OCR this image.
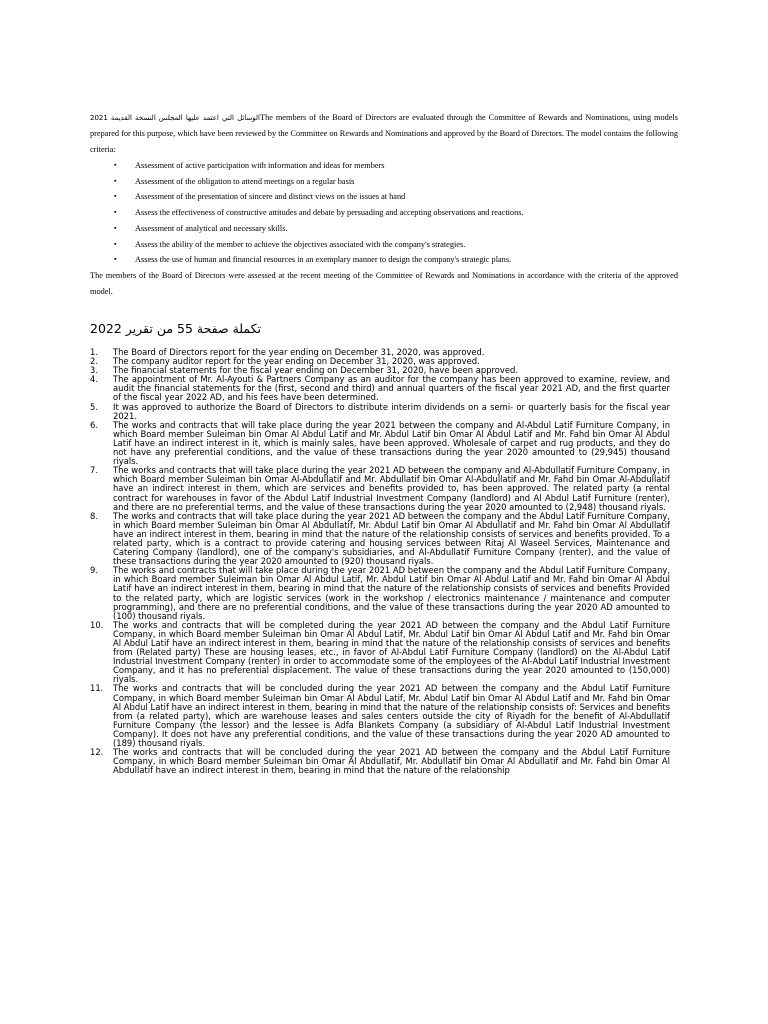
2021 الوسائل التي اعتمد عليها المجلس النسخة القديمةThe members of the Board of Directors are evaluated through the Committee of Rewards and Nominations, using models prepared for this purpose, which have been reviewed by the Committee on Rewards and Nominations and approved by the Board of Directors. The model contains the following criteria:

▪ Assessment of active participation with information and ideas for members
▪ Assessment of the obligation to attend meetings on a regular basis
▪ Assessment of the presentation of sincere and distinct views on the issues at hand
▪ Assess the effectiveness of constructive attitudes and debate by persuading and accepting observations and reactions.
▪ Assessment of analytical and necessary skills.
▪ Assess the ability of the member to achieve the objectives associated with the company's strategies.
▪ Assess the use of human and financial resources in an exemplary manner to design the company's strategic plans.

The members of the Board of Directors were assessed at the recent meeting of the Committee of Rewards and Nominations in accordance with the criteria of the approved model.

تكملة صفحة 55 من تقرير 2022
1. The Board of Directors report for the year ending on December 31, 2020, was approved.
2. The company auditor report for the year ending on December 31, 2020, was approved.
3. The financial statements for the fiscal year ending on December 31, 2020, have been approved.
4. The appointment of Mr. Al-Ayouti & Partners Company as an auditor for the company has been approved to examine, review, and audit the financial statements for the (first, second and third) and annual quarters of the fiscal year 2021 AD, and the first quarter of the fiscal year 2022 AD, and his fees have been determined.
5. It was approved to authorize the Board of Directors to distribute interim dividends on a semi- or quarterly basis for the fiscal year 2021.
6. The works and contracts that will take place during the year 2021 between the company and Al-Abdul Latif Furniture Company, in which Board member Suleiman bin Omar Al Abdul Latif and Mr. Abdul Latif bin Omar Al Abdul Latif and Mr. Fahd bin Omar Al Abdul Latif have an indirect interest in it, which is mainly sales, have been approved. Wholesale of carpet and rug products, and they do not have any preferential conditions, and the value of these transactions during the year 2020 amounted to (29,945) thousand riyals.
7. The works and contracts that will take place during the year 2021 AD between the company and Al-Abdullatif Furniture Company, in which Board member Suleiman bin Omar Al-Abdullatif and Mr. Abdullatif bin Omar Al-Abdullatif and Mr. Fahd bin Omar Al-Abdullatif have an indirect interest in them, which are services and benefits provided to, has been approved. The related party (a rental contract for warehouses in favor of the Abdul Latif Industrial Investment Company (landlord) and Al Abdul Latif Furniture (renter), and there are no preferential terms, and the value of these transactions during the year 2020 amounted to (2,948) thousand riyals.
8. The works and contracts that will take place during the year 2021 AD between the company and the Abdul Latif Furniture Company, in which Board member Suleiman bin Omar Al Abdullatif, Mr. Abdul Latif bin Omar Al Abdullatif and Mr. Fahd bin Omar Al Abdullatif have an indirect interest in them, bearing in mind that the nature of the relationship consists of services and benefits provided. To a related party, which is a contract to provide catering and housing services between Ritaj Al Waseel Services, Maintenance and Catering Company (landlord), one of the company's subsidiaries, and Al-Abdullatif Furniture Company (renter), and the value of these transactions during the year 2020 amounted to (920) thousand riyals.
9. The works and contracts that will take place during the year 2021 AD between the company and the Abdul Latif Furniture Company, in which Board member Suleiman bin Omar Al Abdul Latif, Mr. Abdul Latif bin Omar Al Abdul Latif and Mr. Fahd bin Omar Al Abdul Latif have an indirect interest in them, bearing in mind that the nature of the relationship consists of services and benefits Provided to the related party, which are logistic services (work in the workshop / electronics maintenance / maintenance and computer programming), and there are no preferential conditions, and the value of these transactions during the year 2020 AD amounted to (100) thousand riyals.
10. The works and contracts that will be completed during the year 2021 AD between the company and the Abdul Latif Furniture Company, in which Board member Suleiman bin Omar Al Abdul Latif, Mr. Abdul Latif bin Omar Al Abdul Latif and Mr. Fahd bin Omar Al Abdul Latif have an indirect interest in them, bearing in mind that the nature of the relationship consists of services and benefits from (Related party) These are housing leases, etc., in favor of Al-Abdul Latif Furniture Company (landlord) on the Al-Abdul Latif Industrial Investment Company (renter) in order to accommodate some of the employees of the Al-Abdul Latif Industrial Investment Company, and it has no preferential displacement. The value of these transactions during the year 2020 amounted to (150,000) riyals.
11. The works and contracts that will be concluded during the year 2021 AD between the company and the Abdul Latif Furniture Company, in which Board member Suleiman bin Omar Al Abdul Latif, Mr. Abdul Latif bin Omar Al Abdul Latif and Mr. Fahd bin Omar Al Abdul Latif have an indirect interest in them, bearing in mind that the nature of the relationship consists of: Services and benefits from (a related party), which are warehouse leases and sales centers outside the city of Riyadh for the benefit of Al-Abdullatif Furniture Company (the lessor) and the lessee is Adfa Blankets Company (a subsidiary of Al-Abdul Latif Industrial Investment Company). It does not have any preferential conditions, and the value of these transactions during the year 2020 AD amounted to (189) thousand riyals.
12. The works and contracts that will be concluded during the year 2021 AD between the company and the Abdul Latif Furniture Company, in which Board member Suleiman bin Omar Al Abdullatif, Mr. Abdullatif bin Omar Al Abdullatif and Mr. Fahd bin Omar Al Abdullatif have an indirect interest in them, bearing in mind that the nature of the relationship
